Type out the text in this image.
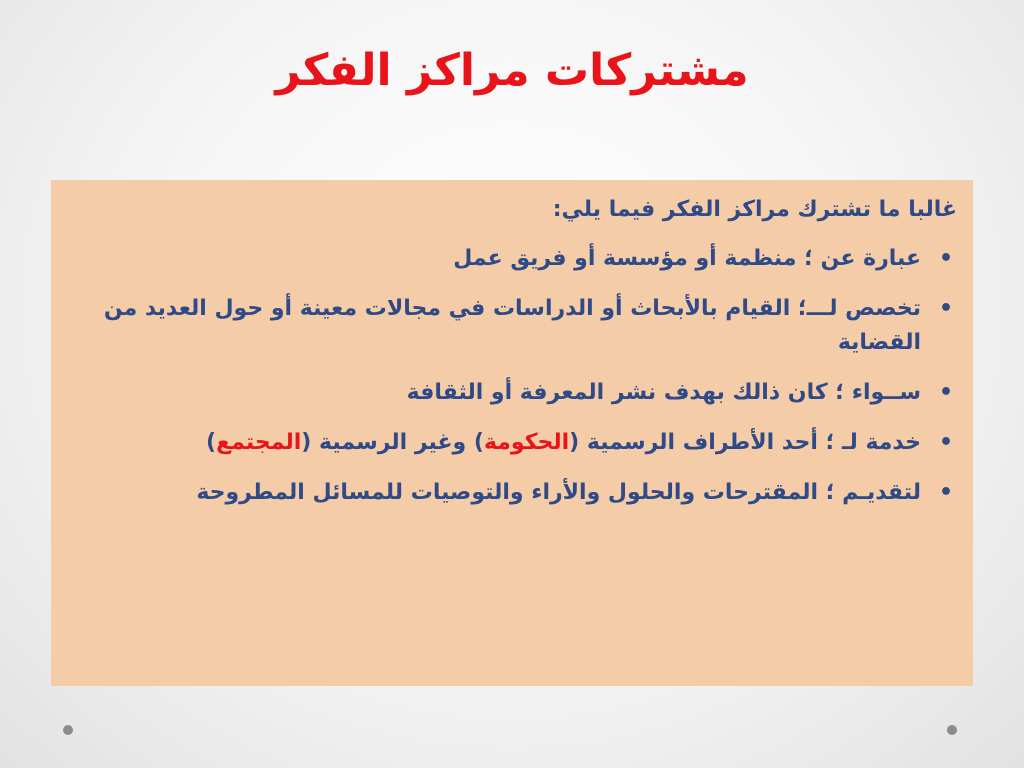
مشتركات مراكز الفكر

غالبا ما تشترك مراكز الفكر فيما يلي:

•
عبارة عن ؛ منظمة أو مؤسسة أو فريق عمل
•
تخصص لـــ؛ القيام بالأبحاث أو الدراسات في مجالات معينة أو حول العديد من القضاية
•
ســواء ؛ كان ذالك بهدف نشر المعرفة أو الثقافة
•
خدمة لـ ؛ أحد الأطراف الرسمية (الحكومة) وغير الرسمية (المجتمع)
•
لتقديـم ؛ المقترحات والحلول والأراء والتوصيات للمسائل المطروحة
